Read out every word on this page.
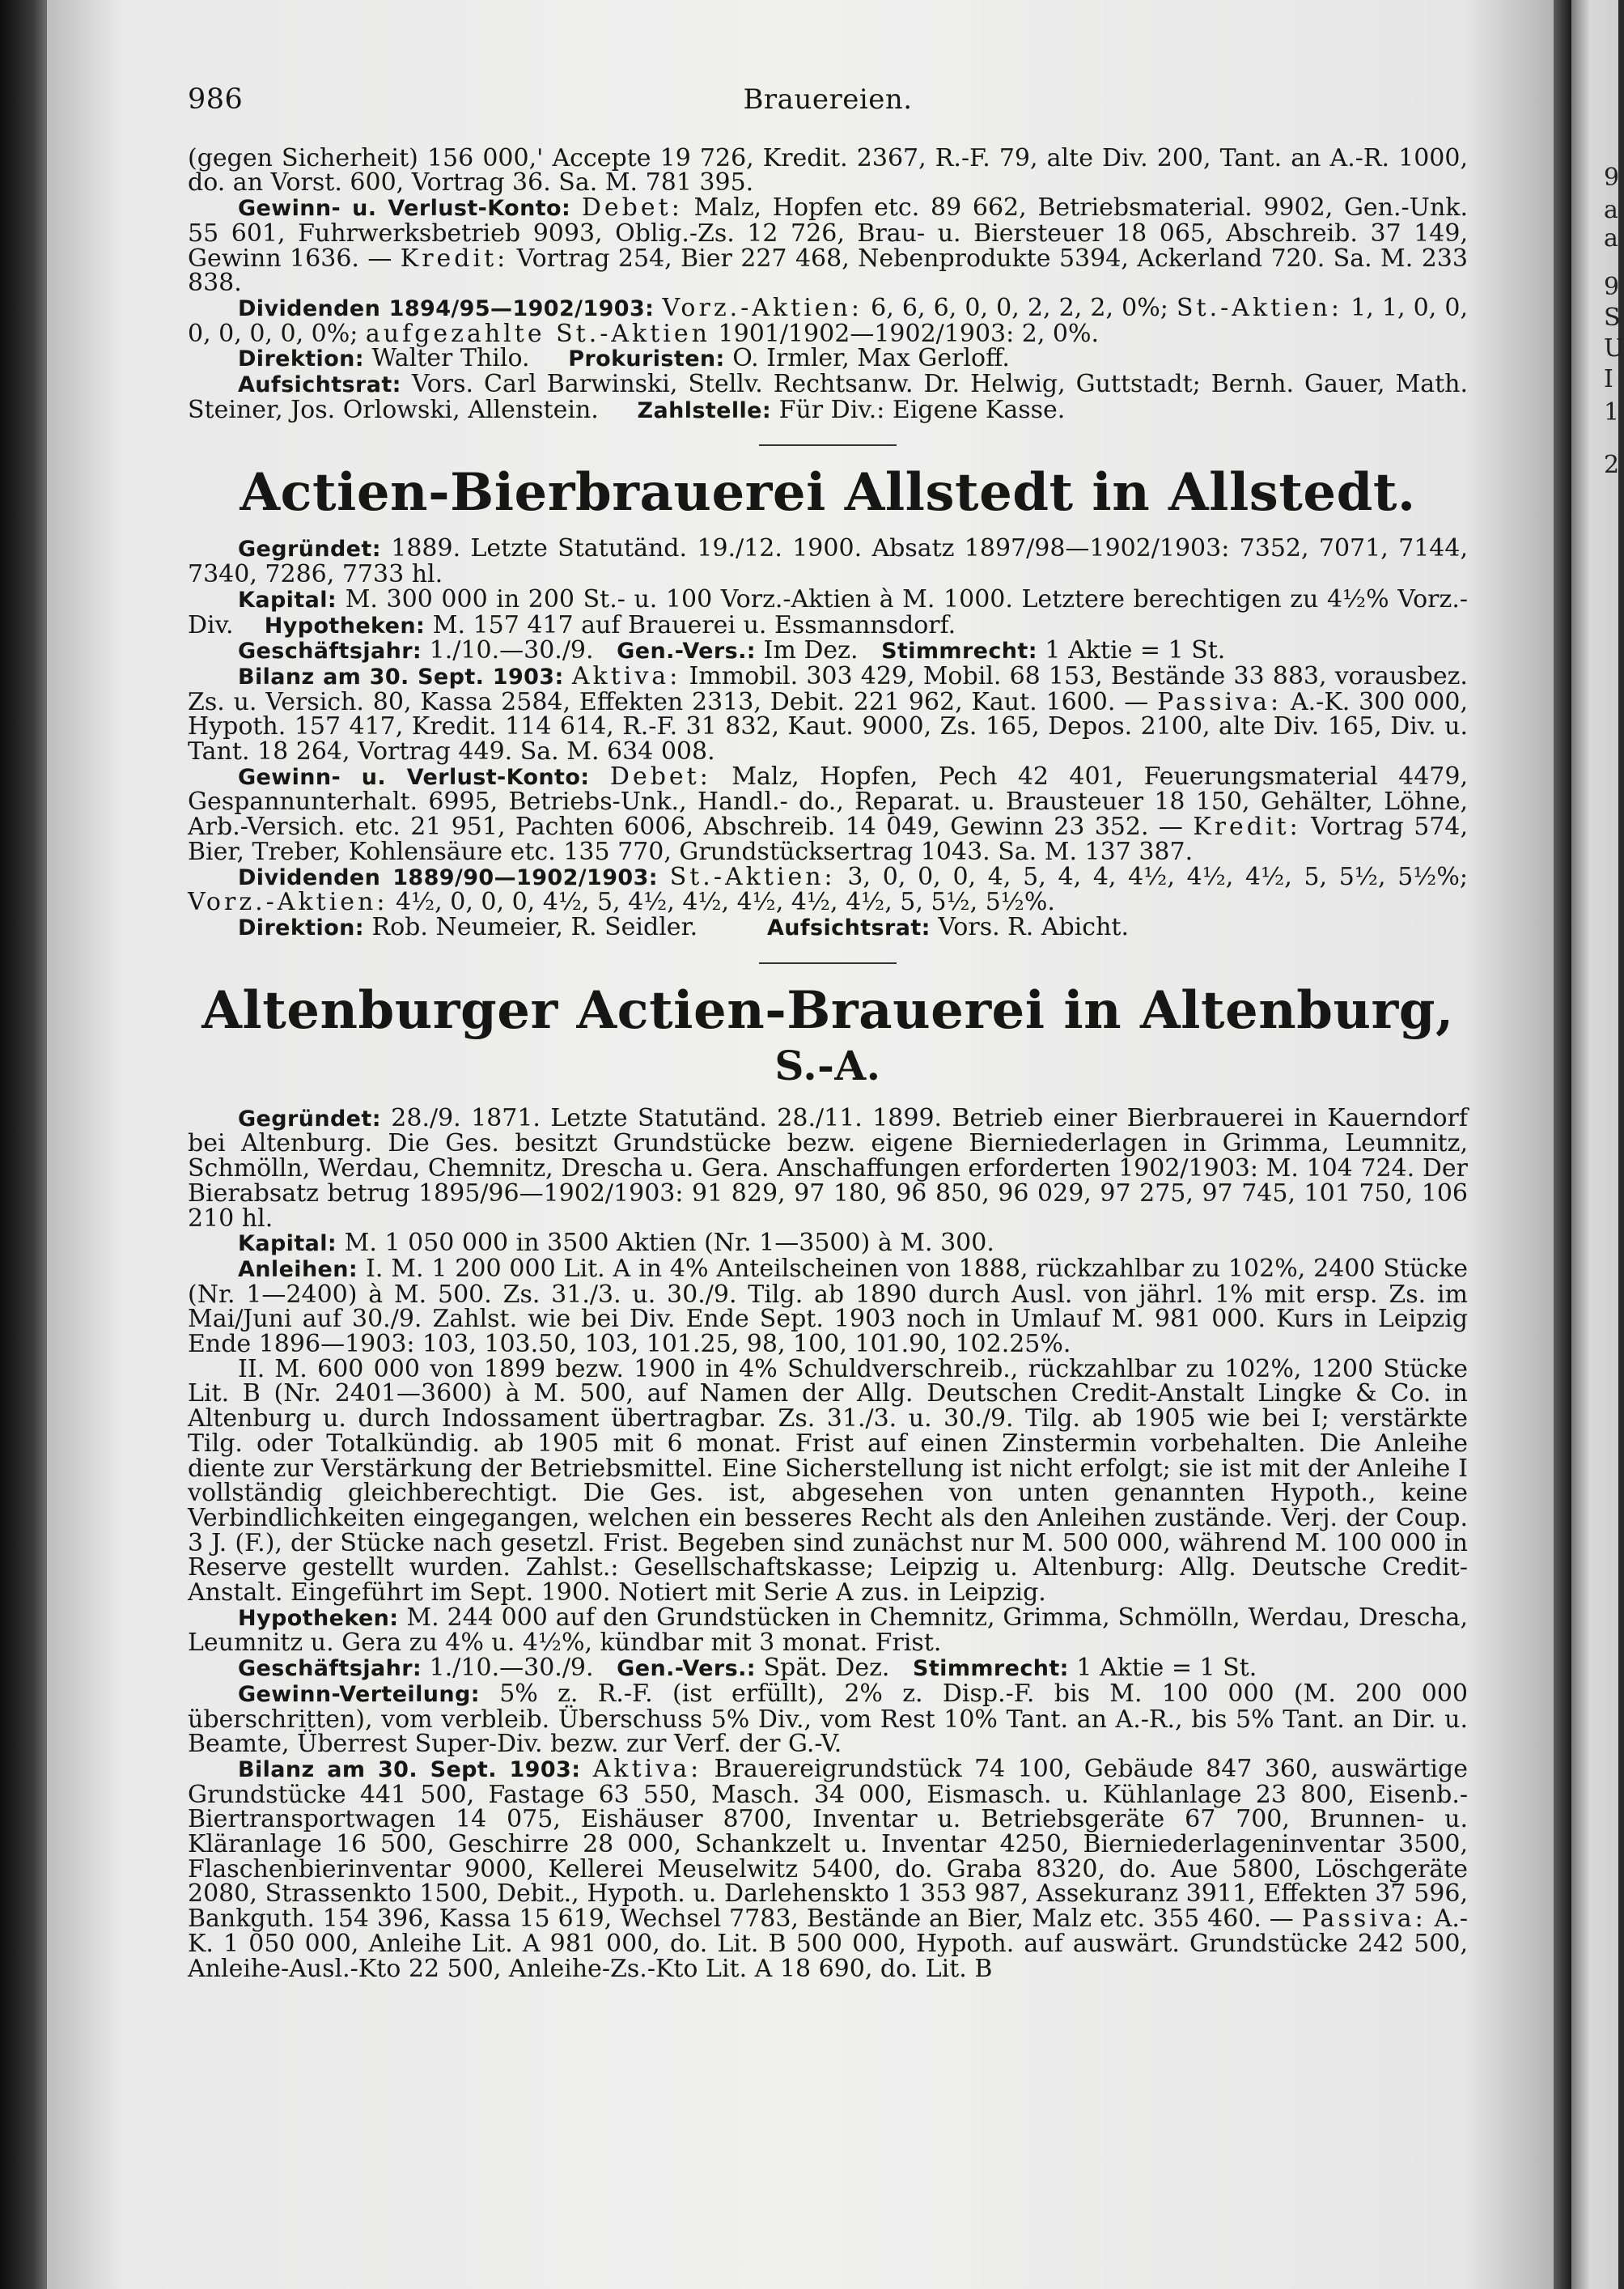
9
a
a
9
S
U
I
1
2
986	Brauereien.

(gegen Sicherheit) 156 000,' Accepte 19 726, Kredit. 2367, R.-F. 79, alte Div. 200, Tant. an A.-R. 1000, do. an Vorst. 600, Vortrag 36. Sa. M. 781 395.

Gewinn- u. Verlust-Konto: Debet: Malz, Hopfen etc. 89 662, Betriebsmaterial. 9902, Gen.-Unk. 55 601, Fuhrwerksbetrieb 9093, Oblig.-Zs. 12 726, Brau- u. Biersteuer 18 065, Abschreib. 37 149, Gewinn 1636. — Kredit: Vortrag 254, Bier 227 468, Nebenprodukte 5394, Ackerland 720. Sa. M. 233 838.

Dividenden 1894/95—1902/1903: Vorz.-Aktien: 6, 6, 6, 0, 0, 2, 2, 2, 0%; St.-Aktien: 1, 1, 0, 0, 0, 0, 0, 0, 0%; aufgezahlte St.-Aktien 1901/1902—1902/1903: 2, 0%.

Direktion: Walter Thilo. Prokuristen: O. Irmler, Max Gerloff.

Aufsichtsrat: Vors. Carl Barwinski, Stellv. Rechtsanw. Dr. Helwig, Guttstadt; Bernh. Gauer, Math. Steiner, Jos. Orlowski, Allenstein. Zahlstelle: Für Div.: Eigene Kasse.

Actien-Bierbrauerei Allstedt in Allstedt.

Gegründet: 1889. Letzte Statutänd. 19./12. 1900. Absatz 1897/98—1902/1903: 7352, 7071, 7144, 7340, 7286, 7733 hl.

Kapital: M. 300 000 in 200 St.- u. 100 Vorz.-Aktien à M. 1000. Letztere berechtigen zu 4½% Vorz.-Div. Hypotheken: M. 157 417 auf Brauerei u. Essmannsdorf.

Geschäftsjahr: 1./10.—30./9. Gen.-Vers.: Im Dez. Stimmrecht: 1 Aktie = 1 St.

Bilanz am 30. Sept. 1903: Aktiva: Immobil. 303 429, Mobil. 68 153, Bestände 33 883, vorausbez. Zs. u. Versich. 80, Kassa 2584, Effekten 2313, Debit. 221 962, Kaut. 1600. — Passiva: A.-K. 300 000, Hypoth. 157 417, Kredit. 114 614, R.-F. 31 832, Kaut. 9000, Zs. 165, Depos. 2100, alte Div. 165, Div. u. Tant. 18 264, Vortrag 449. Sa. M. 634 008.

Gewinn- u. Verlust-Konto: Debet: Malz, Hopfen, Pech 42 401, Feuerungsmaterial 4479, Gespannunterhalt. 6995, Betriebs-Unk., Handl.- do., Reparat. u. Brausteuer 18 150, Gehälter, Löhne, Arb.-Versich. etc. 21 951, Pachten 6006, Abschreib. 14 049, Gewinn 23 352. — Kredit: Vortrag 574, Bier, Treber, Kohlensäure etc. 135 770, Grundstücksertrag 1043. Sa. M. 137 387.

Dividenden 1889/90—1902/1903: St.-Aktien: 3, 0, 0, 0, 4, 5, 4, 4, 4½, 4½, 4½, 5, 5½, 5½%; Vorz.-Aktien: 4½, 0, 0, 0, 4½, 5, 4½, 4½, 4½, 4½, 4½, 5, 5½, 5½%.

Direktion: Rob. Neumeier, R. Seidler.	Aufsichtsrat: Vors. R. Abicht.

Altenburger Actien-Brauerei in Altenburg, S.-A.

Gegründet: 28./9. 1871. Letzte Statutänd. 28./11. 1899. Betrieb einer Bierbrauerei in Kauerndorf bei Altenburg. Die Ges. besitzt Grundstücke bezw. eigene Bierniederlagen in Grimma, Leumnitz, Schmölln, Werdau, Chemnitz, Drescha u. Gera. Anschaffungen erforderten 1902/1903: M. 104 724. Der Bierabsatz betrug 1895/96—1902/1903: 91 829, 97 180, 96 850, 96 029, 97 275, 97 745, 101 750, 106 210 hl.

Kapital: M. 1 050 000 in 3500 Aktien (Nr. 1—3500) à M. 300.

Anleihen: I. M. 1 200 000 Lit. A in 4% Anteilscheinen von 1888, rückzahlbar zu 102%, 2400 Stücke (Nr. 1—2400) à M. 500. Zs. 31./3. u. 30./9. Tilg. ab 1890 durch Ausl. von jährl. 1% mit ersp. Zs. im Mai/Juni auf 30./9. Zahlst. wie bei Div. Ende Sept. 1903 noch in Umlauf M. 981 000. Kurs in Leipzig Ende 1896—1903: 103, 103.50, 103, 101.25, 98, 100, 101.90, 102.25%.

II. M. 600 000 von 1899 bezw. 1900 in 4% Schuldverschreib., rückzahlbar zu 102%, 1200 Stücke Lit. B (Nr. 2401—3600) à M. 500, auf Namen der Allg. Deutschen Credit-Anstalt Lingke & Co. in Altenburg u. durch Indossament übertragbar. Zs. 31./3. u. 30./9. Tilg. ab 1905 wie bei I; verstärkte Tilg. oder Totalkündig. ab 1905 mit 6 monat. Frist auf einen Zinstermin vorbehalten. Die Anleihe diente zur Verstärkung der Betriebsmittel. Eine Sicherstellung ist nicht erfolgt; sie ist mit der Anleihe I vollständig gleichberechtigt. Die Ges. ist, abgesehen von unten genannten Hypoth., keine Verbindlichkeiten eingegangen, welchen ein besseres Recht als den Anleihen zustände. Verj. der Coup. 3 J. (F.), der Stücke nach gesetzl. Frist. Begeben sind zunächst nur M. 500 000, während M. 100 000 in Reserve gestellt wurden. Zahlst.: Gesellschaftskasse; Leipzig u. Altenburg: Allg. Deutsche Credit-Anstalt. Eingeführt im Sept. 1900. Notiert mit Serie A zus. in Leipzig.

Hypotheken: M. 244 000 auf den Grundstücken in Chemnitz, Grimma, Schmölln, Werdau, Drescha, Leumnitz u. Gera zu 4% u. 4½%, kündbar mit 3 monat. Frist.

Geschäftsjahr: 1./10.—30./9. Gen.-Vers.: Spät. Dez. Stimmrecht: 1 Aktie = 1 St.

Gewinn-Verteilung: 5% z. R.-F. (ist erfüllt), 2% z. Disp.-F. bis M. 100 000 (M. 200 000 überschritten), vom verbleib. Überschuss 5% Div., vom Rest 10% Tant. an A.-R., bis 5% Tant. an Dir. u. Beamte, Überrest Super-Div. bezw. zur Verf. der G.-V.

Bilanz am 30. Sept. 1903: Aktiva: Brauereigrundstück 74 100, Gebäude 847 360, auswärtige Grundstücke 441 500, Fastage 63 550, Masch. 34 000, Eismasch. u. Kühlanlage 23 800, Eisenb.-Biertransportwagen 14 075, Eishäuser 8700, Inventar u. Betriebsgeräte 67 700, Brunnen- u. Kläranlage 16 500, Geschirre 28 000, Schankzelt u. Inventar 4250, Bierniederlageninventar 3500, Flaschenbierinventar 9000, Kellerei Meuselwitz 5400, do. Graba 8320, do. Aue 5800, Löschgeräte 2080, Strassenkto 1500, Debit., Hypoth. u. Darlehenskto 1 353 987, Assekuranz 3911, Effekten 37 596, Bankguth. 154 396, Kassa 15 619, Wechsel 7783, Bestände an Bier, Malz etc. 355 460. — Passiva: A.-K. 1 050 000, Anleihe Lit. A 981 000, do. Lit. B 500 000, Hypoth. auf auswärt. Grundstücke 242 500, Anleihe-Ausl.-Kto 22 500, Anleihe-Zs.-Kto Lit. A 18 690, do. Lit. B
